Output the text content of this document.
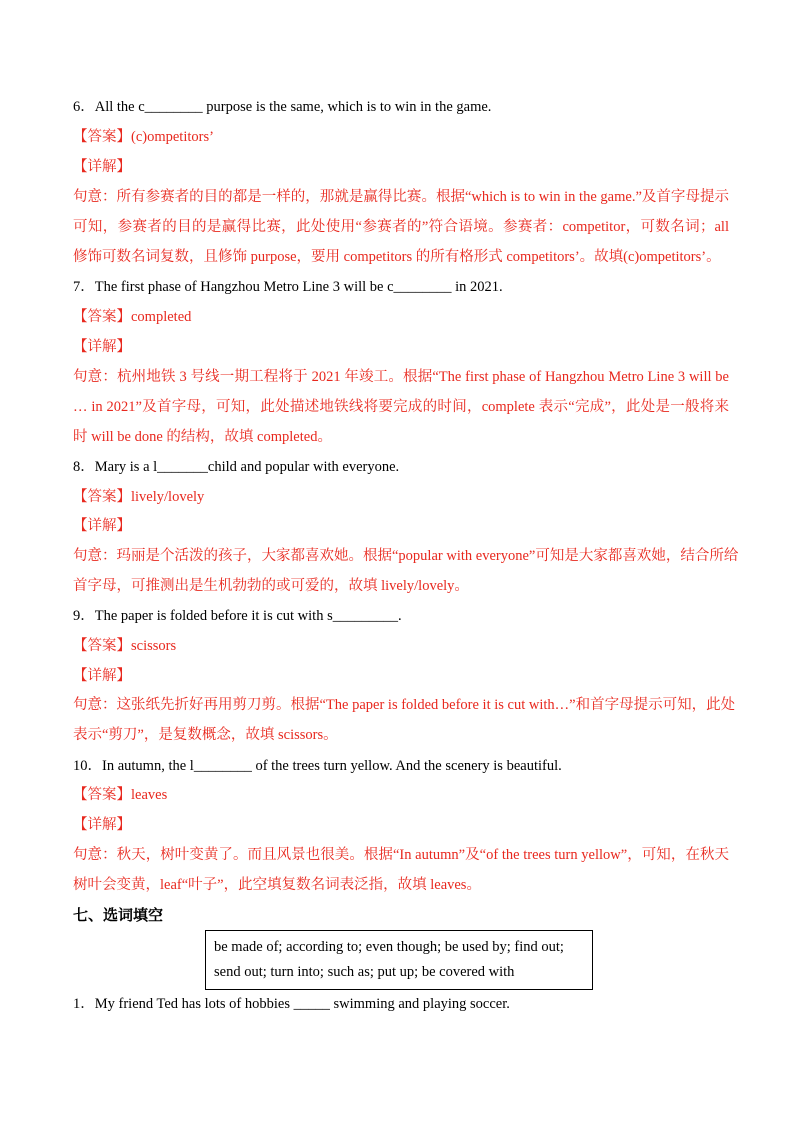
6．All the c________ purpose is the same, which is to win in the game.
【答案】(c)ompetitors’
【详解】
句意：所有参赛者的目的都是一样的，那就是赢得比赛。根据“which is to win in the game.”及首字母提示
可知，参赛者的目的是赢得比赛，此处使用“参赛者的”符合语境。参赛者：competitor，可数名词；all
修饰可数名词复数，且修饰 purpose，要用 competitors 的所有格形式 competitors’。故填(c)ompetitors’。
7．The first phase of Hangzhou Metro Line 3 will be c________ in 2021.
【答案】completed
【详解】
句意：杭州地铁 3 号线一期工程将于 2021 年竣工。根据“The first phase of Hangzhou Metro Line 3 will be
… in 2021”及首字母，可知，此处描述地铁线将要完成的时间，complete 表示“完成”，此处是一般将来
时 will be done 的结构，故填 completed。
8．Mary is a l_______child and popular with everyone.
【答案】lively/lovely
【详解】
句意：玛丽是个活泼的孩子，大家都喜欢她。根据“popular with everyone”可知是大家都喜欢她，结合所给
首字母，可推测出是生机勃勃的或可爱的，故填 lively/lovely。
9．The paper is folded before it is cut with s_________.
【答案】scissors
【详解】
句意：这张纸先折好再用剪刀剪。根据“The paper is folded before it is cut with…”和首字母提示可知，此处
表示“剪刀”，是复数概念，故填 scissors。
10．In autumn, the l________ of the trees turn yellow. And the scenery is beautiful.
【答案】leaves
【详解】
句意：秋天，树叶变黄了。而且风景也很美。根据“In autumn”及“of the trees turn yellow”，可知，在秋天
树叶会变黄，leaf“叶子”，此空填复数名词表泛指，故填 leaves。
七、选词填空
be made of; according to; even though; be used by; find out;
send out; turn into; such as; put up; be covered with
1．My friend Ted has lots of hobbies _____ swimming and playing soccer.
